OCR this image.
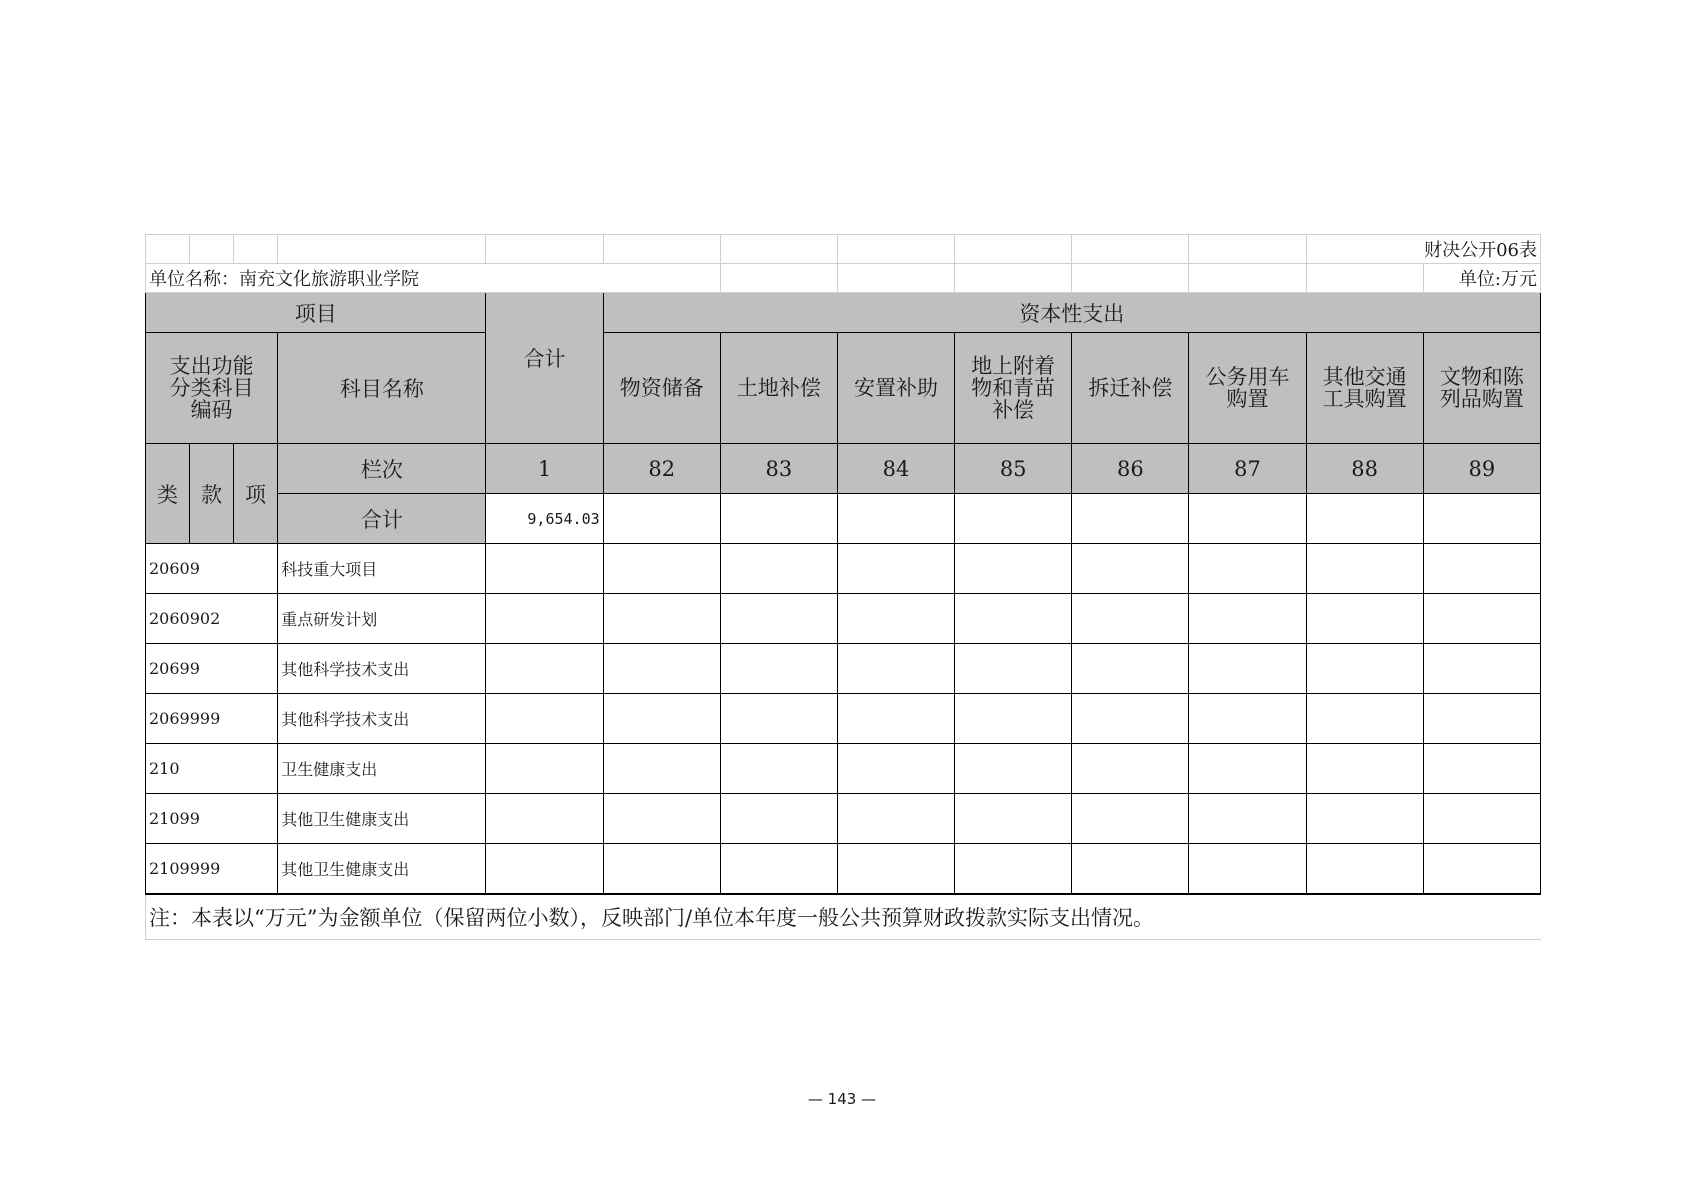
											财决公开06表	
单位名称：南充文化旅游职业学院												单位:万元
项目				合计	资本性支出							

支出功能分类科目编码			科目名称		物资储备	土地补偿	安置补助	地上附着物和青苗补偿	拆迁补偿	公务用车购置	其他交通工具购置	文物和陈列品购置

类	款	项	栏次	1	82	83	84	85	86	87	88	89
			合计	9,654.03								
20609			科技重大项目									
2060902			重点研发计划									
20699			其他科学技术支出									
2069999			其他科学技术支出									
210			卫生健康支出									
21099			其他卫生健康支出									
2109999			其他卫生健康支出									
注：本表以“万元”为金额单位（保留两位小数），反映部门/单位本年度一般公共预算财政拨款实际支出情况。												
— 143 —
